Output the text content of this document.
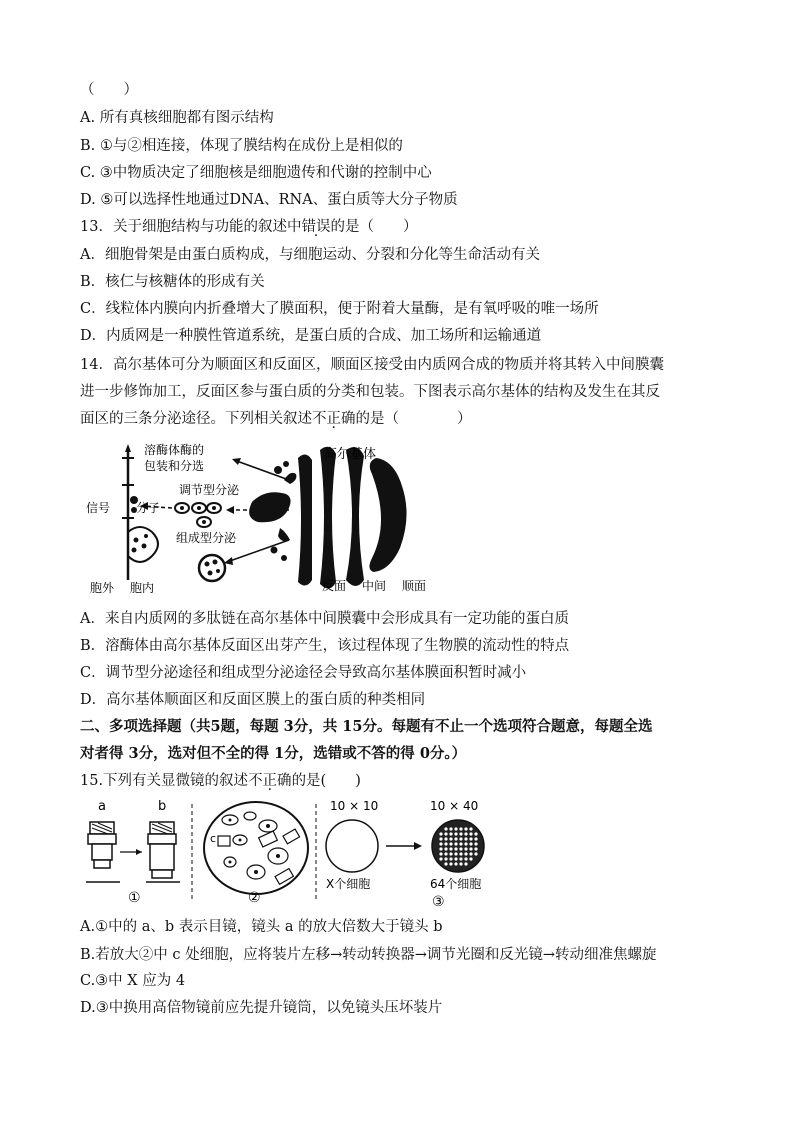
（　　）
A. 所有真核细胞都有图示结构
B. ①与②相连接，体现了膜结构在成份上是相似的
C. ③中物质决定了细胞核是细胞遗传和代谢的控制中心
D. ⑤可以选择性地通过DNA、RNA、蛋白质等大分子物质
13．关于细胞结构与功能的叙述中错误的是（　　）
A．细胞骨架是由蛋白质构成，与细胞运动、分裂和分化等生命活动有关
B．核仁与核糖体的形成有关
C．线粒体内膜向内折叠增大了膜面积，便于附着大量酶，是有氧呼吸的唯一场所
D．内质网是一种膜性管道系统，是蛋白质的合成、加工场所和运输通道
14．高尔基体可分为顺面区和反面区，顺面区接受由内质网合成的物质并将其转入中间膜囊
进一步修饰加工，反面区参与蛋白质的分类和包装。下图表示高尔基体的结构及发生在其反
面区的三条分泌途径。下列相关叙述不正确的是（　　　　）
溶酶体酶的
包装和分选
高尔基体
调节型分泌
信号 分子
组成型分泌
胞外 胞内	反面 中间 顺面
A．来自内质网的多肽链在高尔基体中间膜囊中会形成具有一定功能的蛋白质
B．溶酶体由高尔基体反面区出芽产生，该过程体现了生物膜的流动性的特点
C．调节型分泌途径和组成型分泌途径会导致高尔基体膜面积暂时减小
D．高尔基体顺面区和反面区膜上的蛋白质的种类相同
二、多项选择题（共5题，每题 3分，共 15分。每题有不止一个选项符合题意，每题全选
对者得 3分，选对但不全的得 1分，选错或不答的得 0分。）
15.下列有关显微镜的叙述不正确的是(　　)
a	b
①
c
②
10 × 10	10 × 40
X个细胞	64个细胞
③
A.①中的 a、b 表示目镜，镜头 a 的放大倍数大于镜头 b
B.若放大②中 c 处细胞，应将装片左移→转动转换器→调节光圈和反光镜→转动细准焦螺旋
C.③中 X 应为 4
D.③中换用高倍物镜前应先提升镜筒，以免镜头压坏装片
